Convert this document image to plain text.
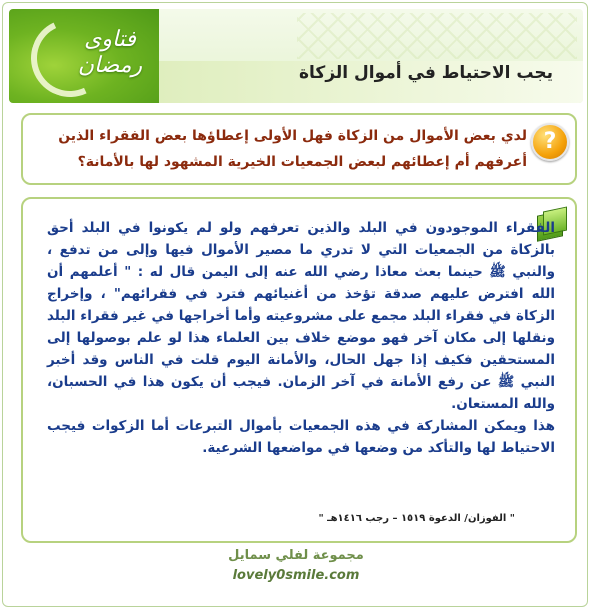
فتاوى
رمضان	يجب الاحتياط في أموال الزكاة
?
لدي بعض الأموال من الزكاة فهل الأولى إعطاؤها بعض الفقراء الذين أعرفهم أم إعطائهم لبعض الجمعيات الخيرية المشهود لها بالأمانة؟

الفقراء الموجودون في البلد والذين تعرفهم ولو لم يكونوا في البلد أحق بالزكاة من الجمعيات التي لا تدري ما مصير الأموال فيها وإلى من تدفع ، والنبي ﷺ حينما بعث معاذا رضي الله عنه إلى اليمن قال له : " أعلمهم أن الله افترض عليهم صدقة تؤخذ من أغنيائهم فترد في فقرائهم" ، وإخراج الزكاة في فقراء البلد مجمع على مشروعيته وأما أخراجها في غير فقراء البلد ونقلها إلى مكان آخر فهو موضع خلاف بين العلماء هذا لو علم بوصولها إلى المستحقين فكيف إذا جهل الحال، والأمانة اليوم قلت في الناس وقد أخبر النبي ﷺ عن رفع الأمانة في آخر الزمان. فيجب أن يكون هذا في الحسبان، والله المستعان.

هذا ويمكن المشاركة في هذه الجمعيات بأموال التبرعات أما الزكوات فيجب الاحتياط لها والتأكد من وضعها في مواضعها الشرعية.

" الفوزان/ الدعوة ١٥١٩ – رجب ١٤١٦هـ "
مجموعة لفلي سمايل
lovely0smile.com
